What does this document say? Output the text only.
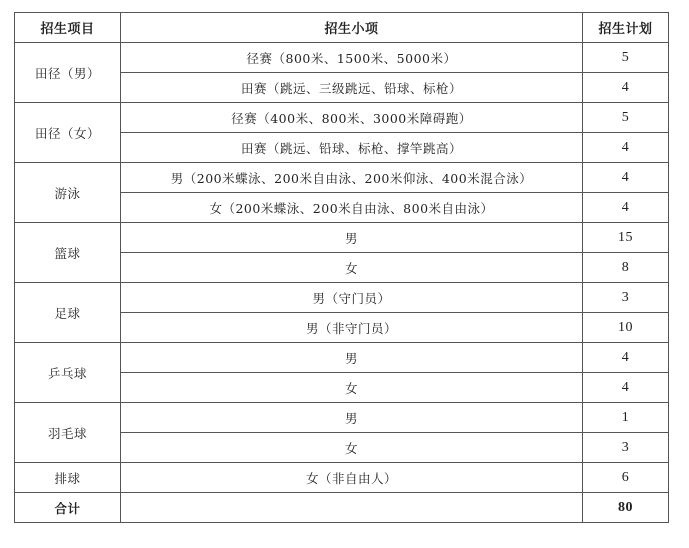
招生项目	招生小项	招生计划
田径（男）	径赛（800米、1500米、5000米）	5
	田赛（跳远、三级跳远、铅球、标枪）	4
田径（女）	径赛（400米、800米、3000米障碍跑）	5
	田赛（跳远、铅球、标枪、撑竿跳高）	4
游泳	男（200米蝶泳、200米自由泳、200米仰泳、400米混合泳）	4
	女（200米蝶泳、200米自由泳、800米自由泳）	4
篮球	男	15
	女	8
足球	男（守门员）	3
	男（非守门员）	10
乒乓球	男	4
	女	4
羽毛球	男	1
	女	3
排球	女（非自由人）	6
合计		80
